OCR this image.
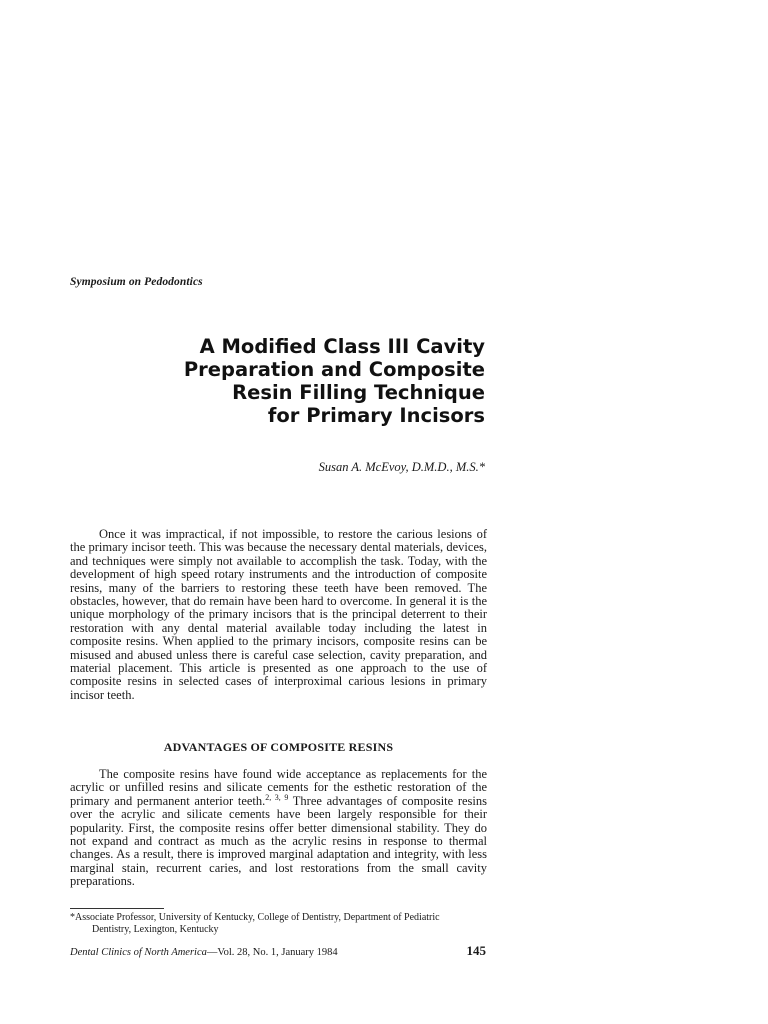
Symposium on Pedodontics
A Modified Class III Cavity
Preparation and Composite
Resin Filling Technique
for Primary Incisors
Susan A. McEvoy, D.M.D., M.S.*

Once it was impractical, if not impossible, to restore the carious lesions of the primary incisor teeth. This was because the necessary dental materials, devices, and techniques were simply not available to accomplish the task. Today, with the development of high speed rotary instruments and the introduction of composite resins, many of the barriers to restoring these teeth have been removed. The obstacles, however, that do remain have been hard to overcome. In general it is the unique morphology of the primary incisors that is the principal deterrent to their restoration with any dental material available today including the latest in composite resins. When applied to the primary incisors, composite resins can be misused and abused unless there is careful case selection, cavity preparation, and material placement. This article is presented as one approach to the use of composite resins in selected cases of interproximal carious lesions in primary incisor teeth.

ADVANTAGES OF COMPOSITE RESINS

The composite resins have found wide acceptance as replacements for the acrylic or unfilled resins and silicate cements for the esthetic restoration of the primary and permanent anterior teeth.$^{2, 3, 9}$ Three advantages of composite resins over the acrylic and silicate cements have been largely responsible for their popularity. First, the composite resins offer better dimensional stability. They do not expand and contract as much as the acrylic resins in response to thermal changes. As a result, there is improved marginal adaptation and integrity, with less marginal stain, recurrent caries, and lost restorations from the small cavity preparations.

*Associate Professor, University of Kentucky, College of Dentistry, Department of Pediatric
Dentistry, Lexington, Kentucky
Dental Clinics of North America—Vol. 28, No. 1, January 1984	145
